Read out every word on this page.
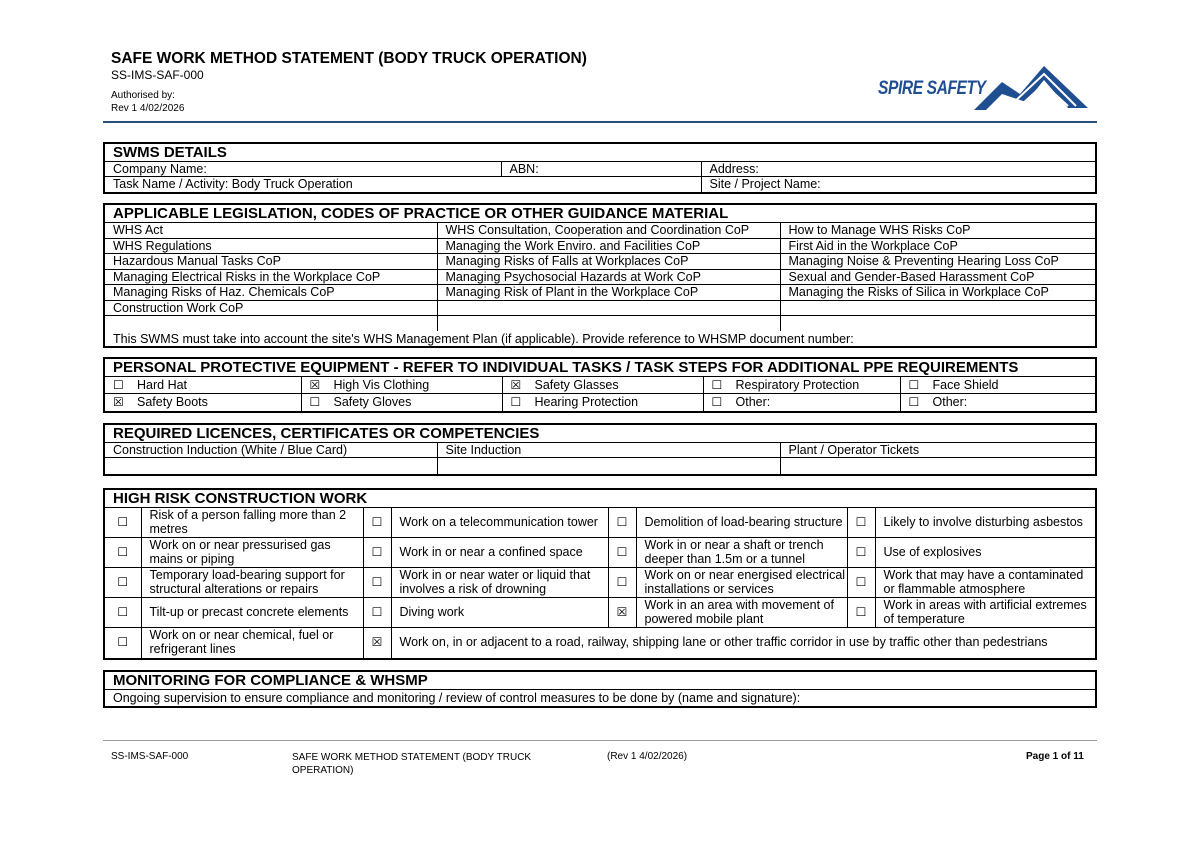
SAFE WORK METHOD STATEMENT (BODY TRUCK OPERATION)
SS-IMS-SAF-000
Authorised by:
Rev 1 4/02/2026
SPIRE SAFETY
SWMS DETAILS
Company Name:	ABN:	Address:
Task Name / Activity: Body Truck Operation		Site / Project Name:
APPLICABLE LEGISLATION, CODES OF PRACTICE OR OTHER GUIDANCE MATERIAL
WHS Act	WHS Consultation, Cooperation and Coordination CoP	How to Manage WHS Risks CoP
WHS Regulations	Managing the Work Enviro. and Facilities CoP	First Aid in the Workplace CoP
Hazardous Manual Tasks CoP	Managing Risks of Falls at Workplaces CoP	Managing Noise & Preventing Hearing Loss CoP
Managing Electrical Risks in the Workplace CoP	Managing Psychosocial Hazards at Work CoP	Sexual and Gender-Based Harassment CoP
Managing Risks of Haz. Chemicals CoP	Managing Risk of Plant in the Workplace CoP	Managing the Risks of Silica in Workplace CoP
Construction Work CoP		

This SWMS must take into account the site's WHS Management Plan (if applicable). Provide reference to WHSMP document number:		
PERSONAL PROTECTIVE EQUIPMENT - REFER TO INDIVIDUAL TASKS / TASK STEPS FOR ADDITIONAL PPE REQUIREMENTS
☐ Hard Hat	☒ High Vis Clothing	☒ Safety Glasses	☐ Respiratory Protection	☐ Face Shield
☒ Safety Boots	☐ Safety Gloves	☐ Hearing Protection	☐ Other:	☐ Other:
REQUIRED LICENCES, CERTIFICATES OR COMPETENCIES
Construction Induction (White / Blue Card)	Site Induction	Plant / Operator Tickets

HIGH RISK CONSTRUCTION WORK
☐	Risk of a person falling more than 2 metres	☐	Work on a telecommunication tower	☐	Demolition of load-bearing structure	☐	Likely to involve disturbing asbestos
☐	Work on or near pressurised gas mains or piping	☐	Work in or near a confined space	☐	Work in or near a shaft or trench deeper than 1.5m or a tunnel	☐	Use of explosives
☐	Temporary load-bearing support for structural alterations or repairs	☐	Work in or near water or liquid that involves a risk of drowning	☐	Work on or near energised electrical installations or services	☐	Work that may have a contaminated or flammable atmosphere
☐	Tilt-up or precast concrete elements	☐	Diving work	☒	Work in an area with movement of powered mobile plant	☐	Work in areas with artificial extremes of temperature
☐	Work on or near chemical, fuel or refrigerant lines	☒	Work on, in or adjacent to a road, railway, shipping lane or other traffic corridor in use by traffic other than pedestrians				
MONITORING FOR COMPLIANCE & WHSMP
Ongoing supervision to ensure compliance and monitoring / review of control measures to be done by (name and signature):
SS-IMS-SAF-000	SAFE WORK METHOD STATEMENT (BODY TRUCK OPERATION)
(Rev 1 4/02/2026)	Page 1 of 11
